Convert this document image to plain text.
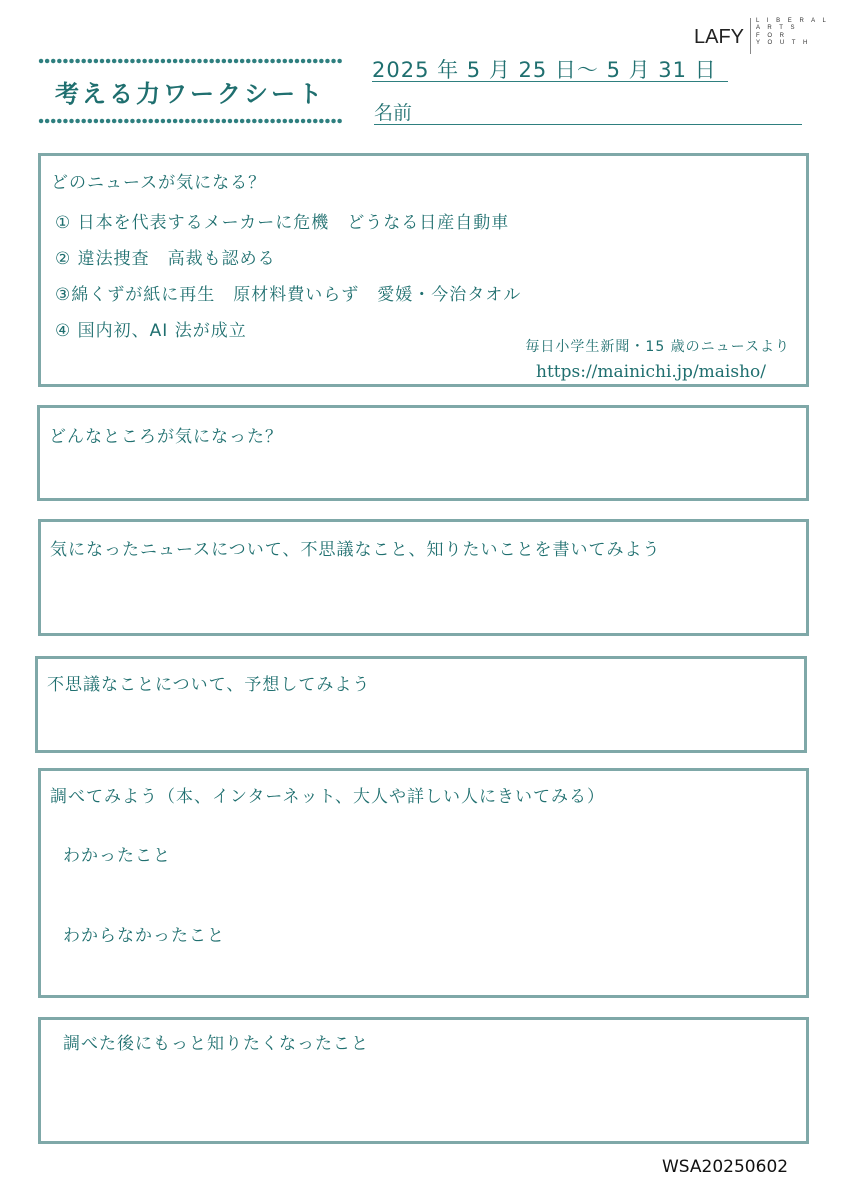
LAFY
L I B E R A L
A R T S
F O R
Y O U T H
考える力ワークシート
2025 年 5 月 25 日～ 5 月 31 日
名前
どのニュースが気になる？
① 日本を代表するメーカーに危機　どうなる日産自動車
② 違法捜査　高裁も認める
③綿くずが紙に再生　原材料費いらず　愛媛・今治タオル
④ 国内初、AI 法が成立
毎日小学生新聞・15 歳のニュースより
https://mainichi.jp/maisho/
どんなところが気になった？
気になったニュースについて、不思議なこと、知りたいことを書いてみよう
不思議なことについて、予想してみよう
調べてみよう（本、インターネット、大人や詳しい人にきいてみる）
わかったこと
わからなかったこと
調べた後にもっと知りたくなったこと
WSA20250602
